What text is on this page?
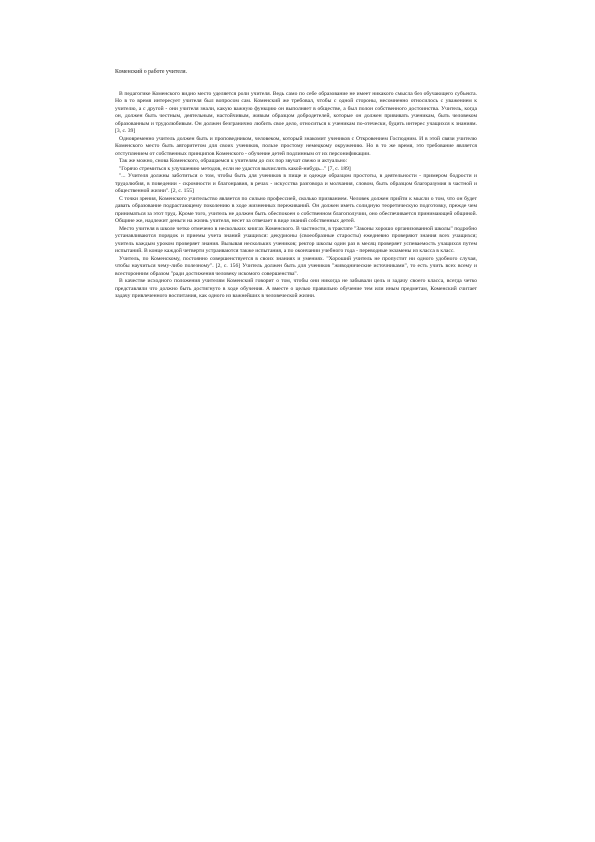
Коменский о работе учителя.

В педагогике Коменского видно место уделяется роли учителя. Ведь само по себе образование не имеет никакого смысла без обучающего субъекта. Но в то время интересует учителя был вопросом сам. Коменский же требовал, чтобы с одной стороны, несомненно относилось с уважением к учителю, а с другой - они учителя знали, какую важную функцию он выполняет в обществе, а был полон собственного достоинства. Учитель, когда он, должен быть честным, деятельным, настойчивым, живым образцом добродетелей, которые он должен прививать ученикам, быть человеком образованным и трудолюбивым. Он должен безгранично любить свое дело, относиться к ученикам по-отечески, будить интерес учащихся к знаниям. [3, с. 39]

Одновременно учитель должен быть и проповедником, человеком, который знакомит учеников с Откровением Господним. И в этой связи учителю Коменского место быть авторитетом для своих учеников, пользе простому немецкому окружению. Но в то же время, это требование является отступлением от собственных принципов Коменского - обучение детей подлинным от их персонификации.

Так же можно, снова Коменского, обращаемся к учителям до сих пор звучат свежо и актуально:

"Горячо стремиться к улучшению методов, если не удастся вычислить какой-нибудь..." [7, с. 189]

"... Учителя должны заботиться о том, чтобы быть для учеников в пище и одежде образцом простоты, в деятельности - примером бодрости и трудолюбия, в поведении - скромности и благонравия, в речах - искусства разговора и молчания, словом, быть образцом благоразумия в частной и общественной жизни". [2, с. 155]

С точки зрения, Коменского учительство является по сильно профессией, сколько призванием. Человек должен прийти к мысли о том, что он будет давать образование подрастающему поколению в ходе жизненных переживаний. Он должен иметь солидную теоретическую подготовку, прежде чем приниматься за этот труд. Кроме того, учитель не должен быть обеспокоен о собственном благополучии, оно обеспечивается принимающей общиной. Общине же, надлежит деньги на жизнь учителя, несет за отвечает в виде знаний собственных детей.

Место учителя в школе четко отмечено в нескольких книгах Коменского. В частности, в трактате "Законы хорошо организованной школы" подробно устанавливаются порядок и приемы учета знаний учащихся: декурионы (своеобразные старосты) ежедневно проверяют знания всех учащихся; учитель каждым уроком проверяет знания. Вызывая нескольких учеников; ректор школы один раз в месяц проверяет успеваемость учащихся путем испытаний. В конце каждой четверти устраиваются также испытания, а по окончании учебного года - переводные экзамены из класса в класс.

Учитель, по Коменскому, постоянно совершенствуется в своих знаниях и умениях. "Хороший учитель не пропустит ни одного удобного случая, чтобы научиться чему-либо полезному". [2, с. 156] Учитель должен быть для учеников "живоднические источниками", то есть учить всех всему и всесторонним образом "ради достижения человеку искомого совершенства".

В качестве исходного положения учителям Коменский говорит о том, чтобы они никогда не забывали цель и задачу своего класса, всегда четко представляли что должно быть достигнуто в ходе обучения. А вместе о целью правильно обучение тем или иным предметам, Коменский считает задачу привлеченного воспитания, как одного из важнейших в человеческой жизни.
